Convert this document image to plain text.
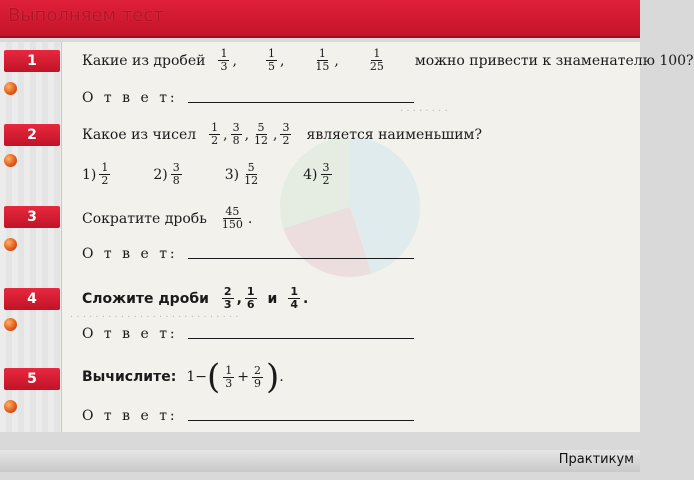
Выполняем тест
· · · · · · · ·
· · · · · · · · · · · · · · · · · · · · · · · · · · ·
1	Какие из дробей $\frac{1}{3}$ ,	$\frac{1}{5}$ ,	$\frac{1}{15}$ ,	$\frac{1}{25}$ можно привести к знаменателю 100?
О т в е т:
2	Какое из чисел $\frac{1}{2}$ , $\frac{3}{8}$ , $\frac{5}{12}$ , $\frac{3}{2}$ является наименьшим?
$1) \frac{1}{2}$	$2) \frac{3}{8}$	$3) \frac{5}{12}$	$4) \frac{3}{2}$
3	Сократите дробь $\frac{45}{150}$ .
О т в е т:
4	Сложите дроби $\frac{2}{3}$ , $\frac{1}{6}$ и $\frac{1}{4}$ .
О т в е т:
5	Вычислите: 1− ( $\frac{1}{3} + \frac{2}{9}$ ) .
О т в е т:
Практикум
